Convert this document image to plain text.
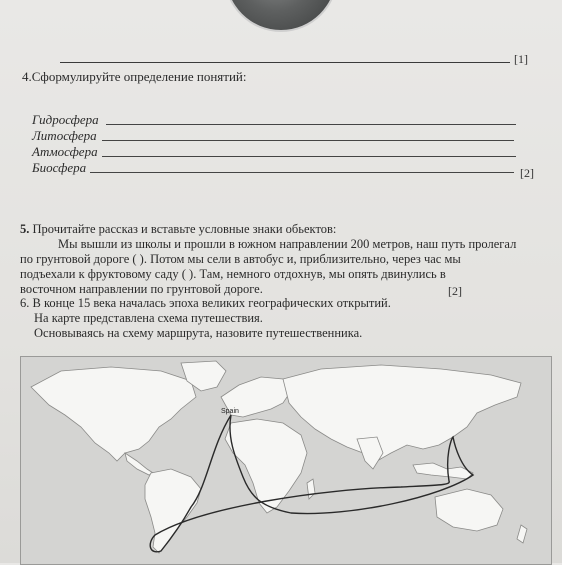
[1]
4.Сформулируйте определение понятий:
Гидросфера
Литосфера
Атмосфера
Биосфера	[2]

5. Прочитайте рассказ и вставьте условные знаки обьектов:

Мы вышли из школы и прошли в южном направлении 200 метров, наш путь пролегал

по грунтовой дороге ( ). Потом мы сели в автобус и, приблизительно, через час мы

подъехали к фруктовому саду ( ). Там, немного отдохнув, мы опять двинулись в

восточном направлении по грунтовой дороге.	[2]

6. В конце 15 века началась эпоха великих географических открытий.

На карте представлена схема путешествия.

Основываясь на схему маршрута, назовите путешественника.

Spain
